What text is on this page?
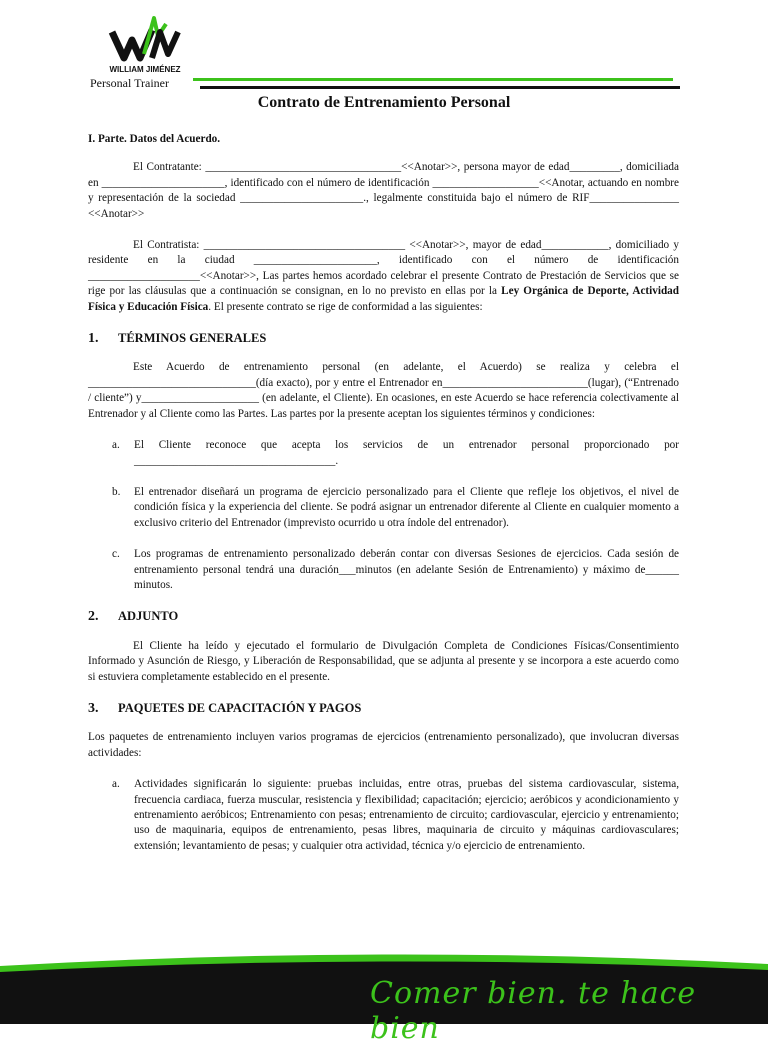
WILLIAM JIMÉNEZ
Personal Trainer
Contrato de Entrenamiento Personal
I. Parte. Datos del Acuerdo.

El Contratante: ___________________________________<<Anotar>>, persona mayor de edad_________, domiciliada en ______________________, identificado con el número de identificación ___________________<<Anotar, actuando en nombre y representación de la sociedad ______________________., legalmente constituida bajo el número de RIF________________ <<Anotar>>

El Contratista: ____________________________________ <<Anotar>>, mayor de edad____________, domiciliado y residente en la ciudad ______________________, identificado con el número de identificación ____________________<<Anotar>>, Las partes hemos acordado celebrar el presente Contrato de Prestación de Servicios que se rige por las cláusulas que a continuación se consignan, en lo no previsto en ellas por la Ley Orgánica de Deporte, Actividad Física y Educación Física. El presente contrato se rige de conformidad a las siguientes:

1.	TÉRMINOS GENERALES

Este Acuerdo de entrenamiento personal (en adelante, el Acuerdo) se realiza y celebra el ______________________________(día exacto), por y entre el Entrenador en__________________________(lugar), (“Entrenado / cliente”) y_____________________ (en adelante, el Cliente). En ocasiones, en este Acuerdo se hace referencia colectivamente al Entrenador y al Cliente como las Partes. Las partes por la presente aceptan los siguientes términos y condiciones:

a.	El Cliente reconoce que acepta los servicios de un entrenador personal proporcionado por ____________________________________.
b.	El entrenador diseñará un programa de ejercicio personalizado para el Cliente que refleje los objetivos, el nivel de condición física y la experiencia del cliente. Se podrá asignar un entrenador diferente al Cliente en cualquier momento a exclusivo criterio del Entrenador (imprevisto ocurrido u otra índole del entrenador).
c.	Los programas de entrenamiento personalizado deberán contar con diversas Sesiones de ejercicios. Cada sesión de entrenamiento personal tendrá una duración___minutos (en adelante Sesión de Entrenamiento) y máximo de______ minutos.
2.	ADJUNTO

El Cliente ha leído y ejecutado el formulario de Divulgación Completa de Condiciones Físicas/Consentimiento Informado y Asunción de Riesgo, y Liberación de Responsabilidad, que se adjunta al presente y se incorpora a este acuerdo como si estuviera completamente establecido en el presente.

3.	PAQUETES DE CAPACITACIÓN Y PAGOS

Los paquetes de entrenamiento incluyen varios programas de ejercicios (entrenamiento personalizado), que involucran diversas actividades:

a.	Actividades significarán lo siguiente: pruebas incluidas, entre otras, pruebas del sistema cardiovascular, sistema, frecuencia cardiaca, fuerza muscular, resistencia y flexibilidad; capacitación; ejercicio; aeróbicos y acondicionamiento y entrenamiento aeróbicos; Entrenamiento con pesas; entrenamiento de circuito; cardiovascular, ejercicio y entrenamiento; uso de maquinaria, equipos de entrenamiento, pesas libres, maquinaria de circuito y máquinas cardiovasculares; extensión; levantamiento de pesas; y cualquier otra actividad, técnica y/o ejercicio de entrenamiento.
Comer bien. te hace bien
